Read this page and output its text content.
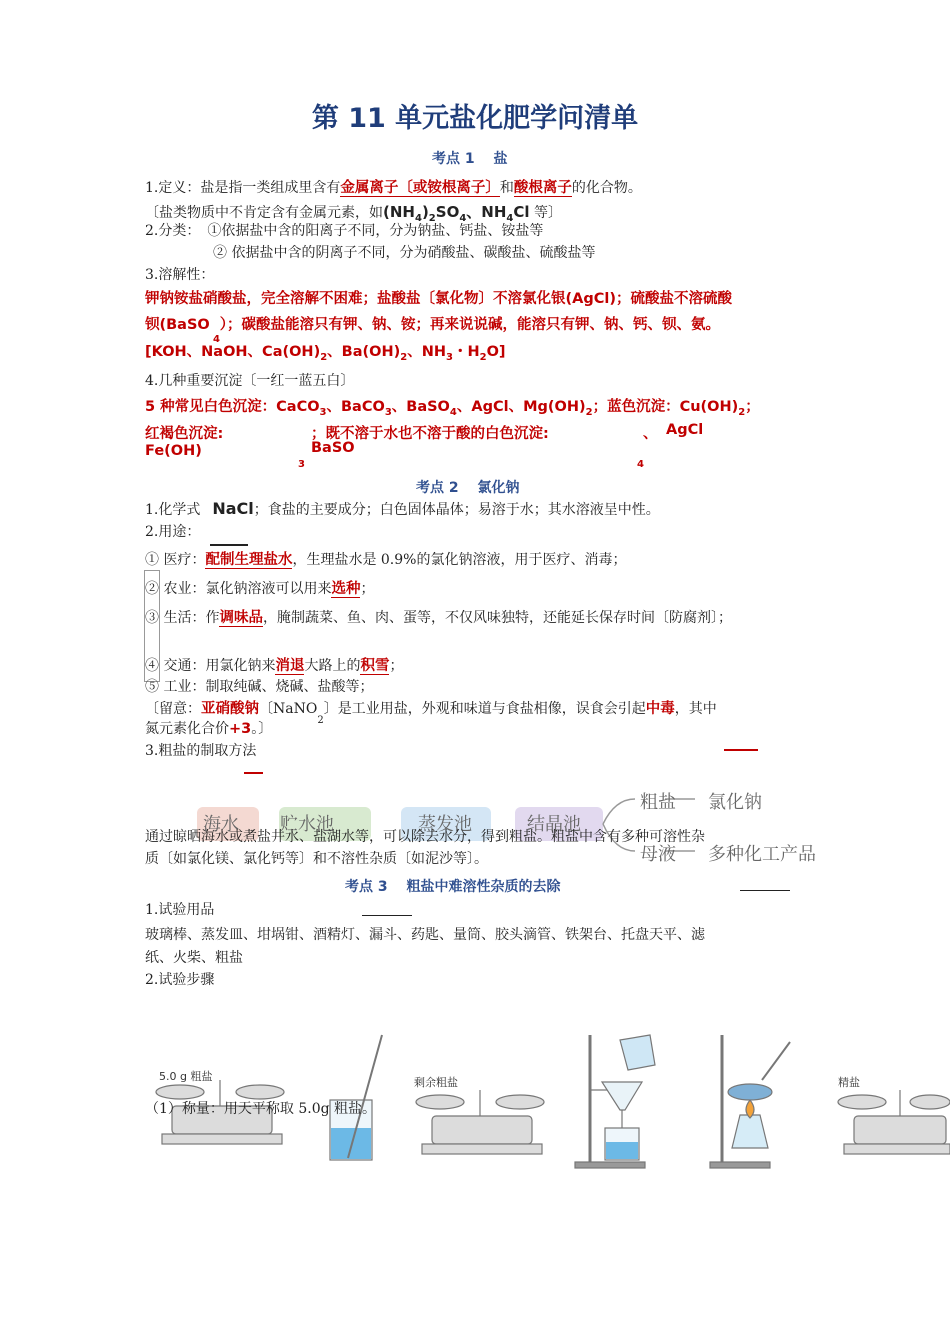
第 11 单元盐化肥学问清单
考点 1　 盐
1.定义：盐是指一类组成里含有金属离子〔或铵根离子〕和酸根离子的化合物。
〔盐类物质中不肯定含有金属元素，如$(NH_4)_2SO_4$、$NH_4Cl$ 等〕
2.分类：　①依据盐中含的阳离子不同，分为钠盐、钙盐、铵盐等
② 依据盐中含的阴离子不同，分为硝酸盐、碳酸盐、硫酸盐等
3.溶解性：
钾钠铵盐硝酸盐，完全溶解不困难；盐酸盐〔氯化物〕不溶氯化银(AgCl)；硫酸盐不溶硫酸
钡(BaSO ）；碳酸盐能溶只有钾、钠、铵；再来说说碱，能溶只有钾、钠、钙、钡、氨。
4
[KOH、NaOH、$Ca(OH)_2$、$Ba(OH)_2$、$NH_3$・$H_2O$]
4.几种重要沉淀〔一红一蓝五白〕
5 种常见白色沉淀：CaCO$_3$、BaCO$_3$、BaSO$_4$、AgCl、$Mg(OH)_2$；蓝色沉淀：$Cu(OH)_2$；
红褐色沉淀:	；既不溶于水也不溶于酸的白色沉淀:	、 AgCl
Fe(OH)	BaSO
3	4
考点 2　 氯化钠
1.化学式 NaCl；食盐的主要成分；白色固体晶体；易溶于水；其水溶液呈中性。
2.用途：
① 医疗：配制生理盐水，生理盐水是 0.9%的氯化钠溶液，用于医疗、消毒；
② 农业：氯化钠溶液可以用来选种；
③ 生活：作调味品，腌制蔬菜、鱼、肉、蛋等，不仅风味独特，还能延长保存时间〔防腐剂〕；
④ 交通：用氯化钠来消退大路上的积雪；
⑤ 工业：制取纯碱、烧碱、盐酸等；
〔留意：亚硝酸钠〔NaNO$_2$〕是工业用盐，外观和味道与食盐相像，误食会引起中毒，其中
氮元素化合价+3。〕
3.粗盐的制取方法
海水 贮水池	蒸发池	结晶池
粗盐 氯化钠
母液 多种化工产品
通过晾晒海水或煮盐井水、盐湖水等，可以除去水分，得到粗盐。粗盐中含有多种可溶性杂
质〔如氯化镁、氯化钙等〕和不溶性杂质〔如泥沙等〕。
考点 3　 粗盐中难溶性杂质的去除
1.试验用品
玻璃棒、蒸发皿、坩埚钳、酒精灯、漏斗、药匙、量筒、胶头滴管、铁架台、托盘天平、滤
纸、火柴、粗盐
2.试验步骤
5.0 g 粗盐	剩余粗盐	精盐
（1）称量：用天平称取 5.0g 粗盐。
